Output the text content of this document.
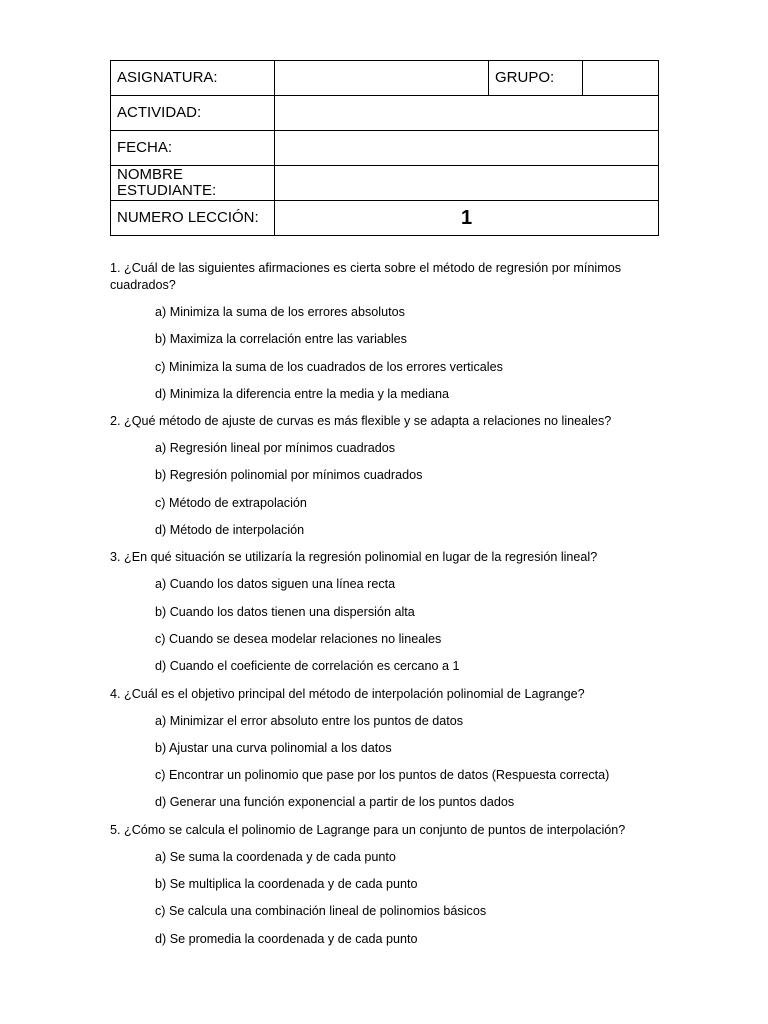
ASIGNATURA:		GRUPO:	
ACTIVIDAD:			
FECHA:			
NOMBRE ESTUDIANTE:			
NUMERO LECCIÓN:	1		

1. ¿Cuál de las siguientes afirmaciones es cierta sobre el método de regresión por mínimos cuadrados?

a) Minimiza la suma de los errores absolutos

b) Maximiza la correlación entre las variables

c) Minimiza la suma de los cuadrados de los errores verticales

d) Minimiza la diferencia entre la media y la mediana

2. ¿Qué método de ajuste de curvas es más flexible y se adapta a relaciones no lineales?

a) Regresión lineal por mínimos cuadrados

b) Regresión polinomial por mínimos cuadrados

c) Método de extrapolación

d) Método de interpolación

3. ¿En qué situación se utilizaría la regresión polinomial en lugar de la regresión lineal?

a) Cuando los datos siguen una línea recta

b) Cuando los datos tienen una dispersión alta

c) Cuando se desea modelar relaciones no lineales

d) Cuando el coeficiente de correlación es cercano a 1

4. ¿Cuál es el objetivo principal del método de interpolación polinomial de Lagrange?

a) Minimizar el error absoluto entre los puntos de datos

b) Ajustar una curva polinomial a los datos

c) Encontrar un polinomio que pase por los puntos de datos (Respuesta correcta)

d) Generar una función exponencial a partir de los puntos dados

5. ¿Cómo se calcula el polinomio de Lagrange para un conjunto de puntos de interpolación?

a) Se suma la coordenada y de cada punto

b) Se multiplica la coordenada y de cada punto

c) Se calcula una combinación lineal de polinomios básicos

d) Se promedia la coordenada y de cada punto
